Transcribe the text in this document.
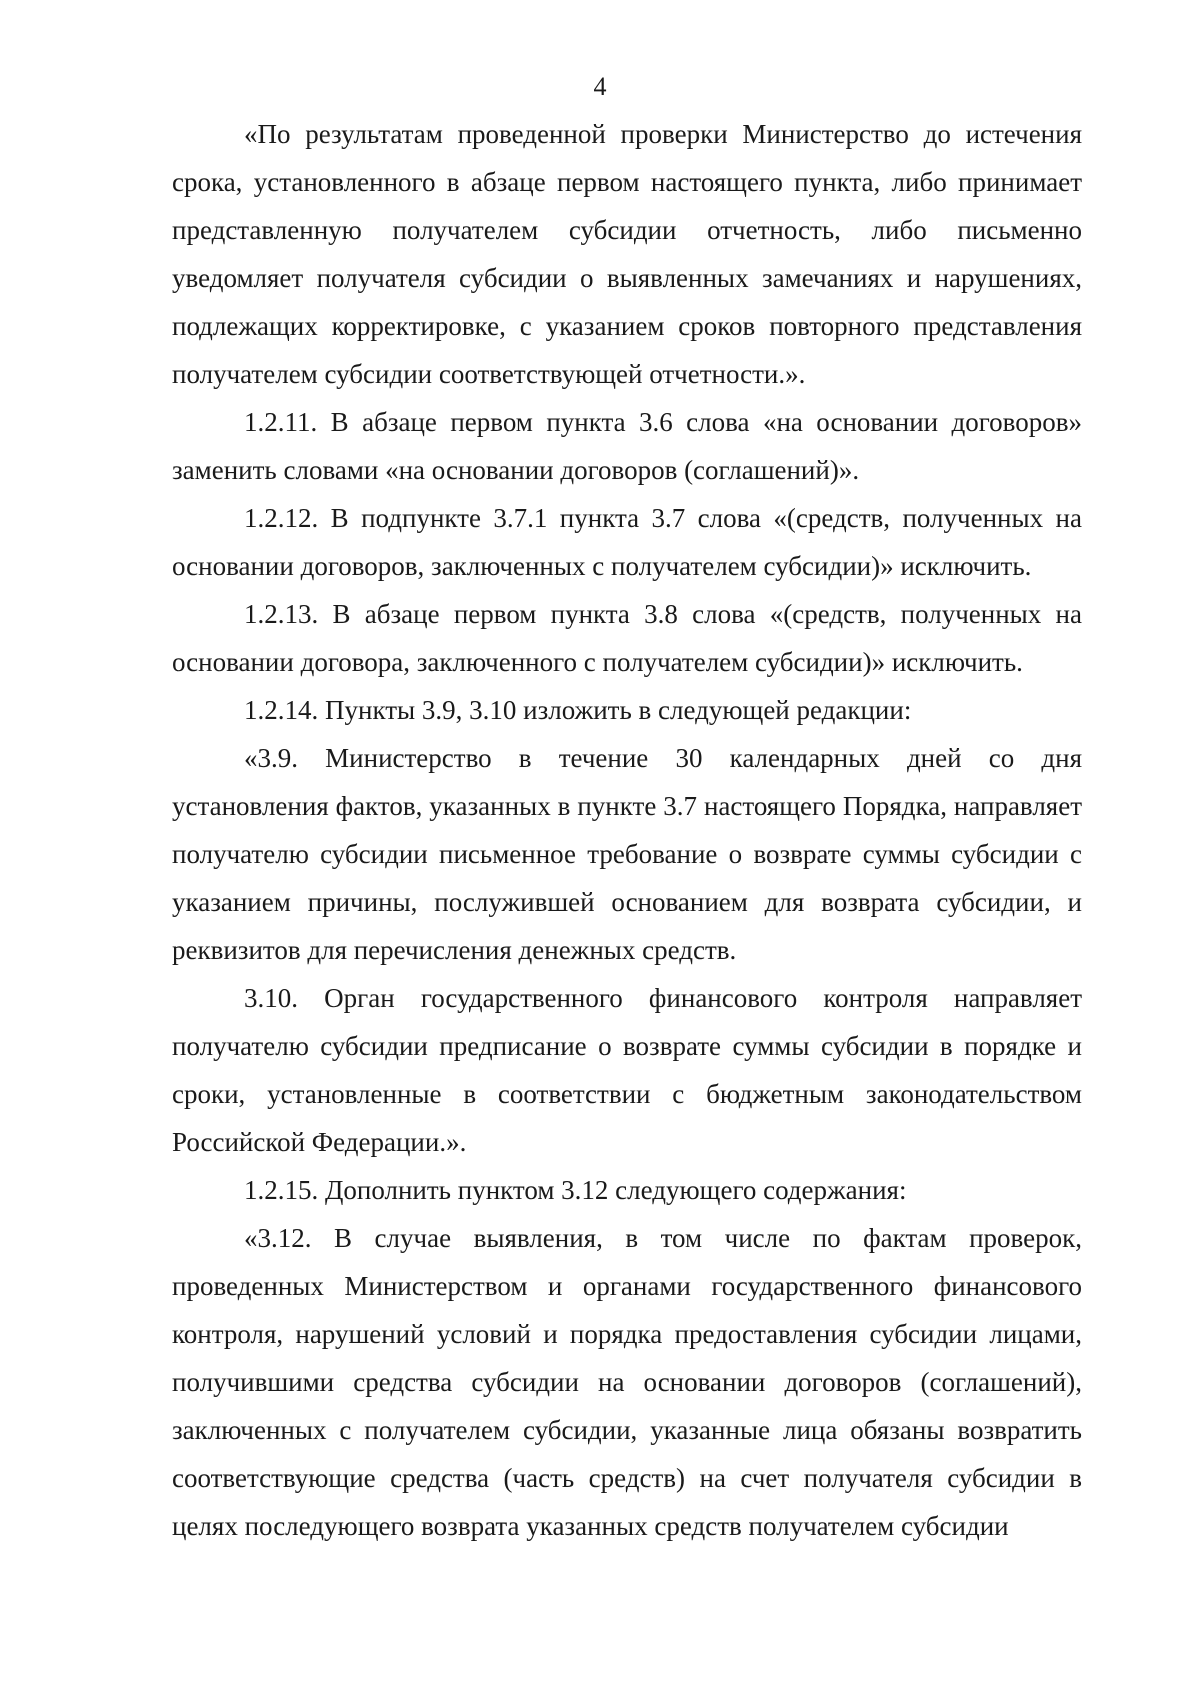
4

«По результатам проведенной проверки Министерство до истечения срока, установленного в абзаце первом настоящего пункта, либо принимает представленную получателем субсидии отчетность, либо письменно уведомляет получателя субсидии о выявленных замечаниях и нарушениях, подлежащих корректировке, с указанием сроков повторного представления получателем субсидии соответствующей отчетности.».

1.2.11. В абзаце первом пункта 3.6 слова «на основании договоров» заменить словами «на основании договоров (соглашений)».

1.2.12. В подпункте 3.7.1 пункта 3.7 слова «(средств, полученных на основании договоров, заключенных с получателем субсидии)» исключить.

1.2.13. В абзаце первом пункта 3.8 слова «(средств, полученных на основании договора, заключенного с получателем субсидии)» исключить.

1.2.14. Пункты 3.9, 3.10 изложить в следующей редакции:

«3.9. Министерство в течение 30 календарных дней со дня установления фактов, указанных в пункте 3.7 настоящего Порядка, направляет получателю субсидии письменное требование о возврате суммы субсидии с указанием причины, послужившей основанием для возврата субсидии, и реквизитов для перечисления денежных средств.

3.10. Орган государственного финансового контроля направляет получателю субсидии предписание о возврате суммы субсидии в порядке и сроки, установленные в соответствии с бюджетным законодательством Российской Федерации.».

1.2.15. Дополнить пунктом 3.12 следующего содержания:

«3.12. В случае выявления, в том числе по фактам проверок, проведенных Министерством и органами государственного финансового контроля, нарушений условий и порядка предоставления субсидии лицами, получившими средства субсидии на основании договоров (соглашений), заключенных с получателем субсидии, указанные лица обязаны возвратить соответствующие средства (часть средств) на счет получателя субсидии в целях последующего возврата указанных средств получателем субсидии
